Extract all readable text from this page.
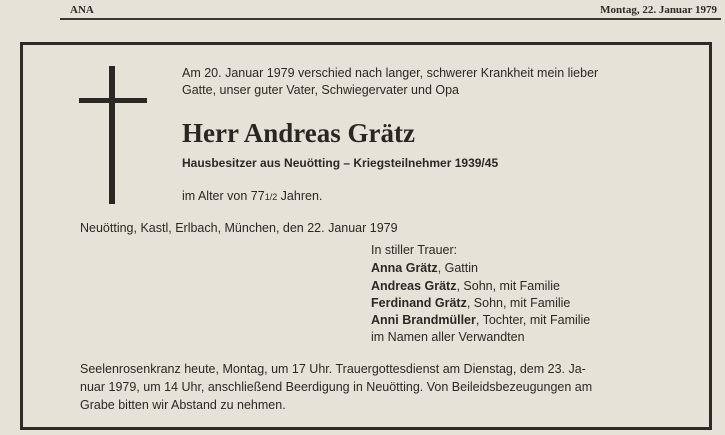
ANA	Montag, 22. Januar 1979
Am 20. Januar 1979 verschied nach langer, schwerer Krankheit mein lieber
Gatte, unser guter Vater, Schwiegervater und Opa
Herr Andreas Grätz
Hausbesitzer aus Neuötting – Kriegsteilnehmer 1939/45
im Alter von 771/2 Jahren.
Neuötting, Kastl, Erlbach, München, den 22. Januar 1979
In stiller Trauer:
Anna Grätz, Gattin
Andreas Grätz, Sohn, mit Familie
Ferdinand Grätz, Sohn, mit Familie
Anni Brandmüller, Tochter, mit Familie
im Namen aller Verwandten
Seelenrosenkranz heute, Montag, um 17 Uhr. Trauergottesdienst am Dienstag, dem 23. Ja-
nuar 1979, um 14 Uhr, anschließend Beerdigung in Neuötting. Von Beileidsbezeugungen am
Grabe bitten wir Abstand zu nehmen.
